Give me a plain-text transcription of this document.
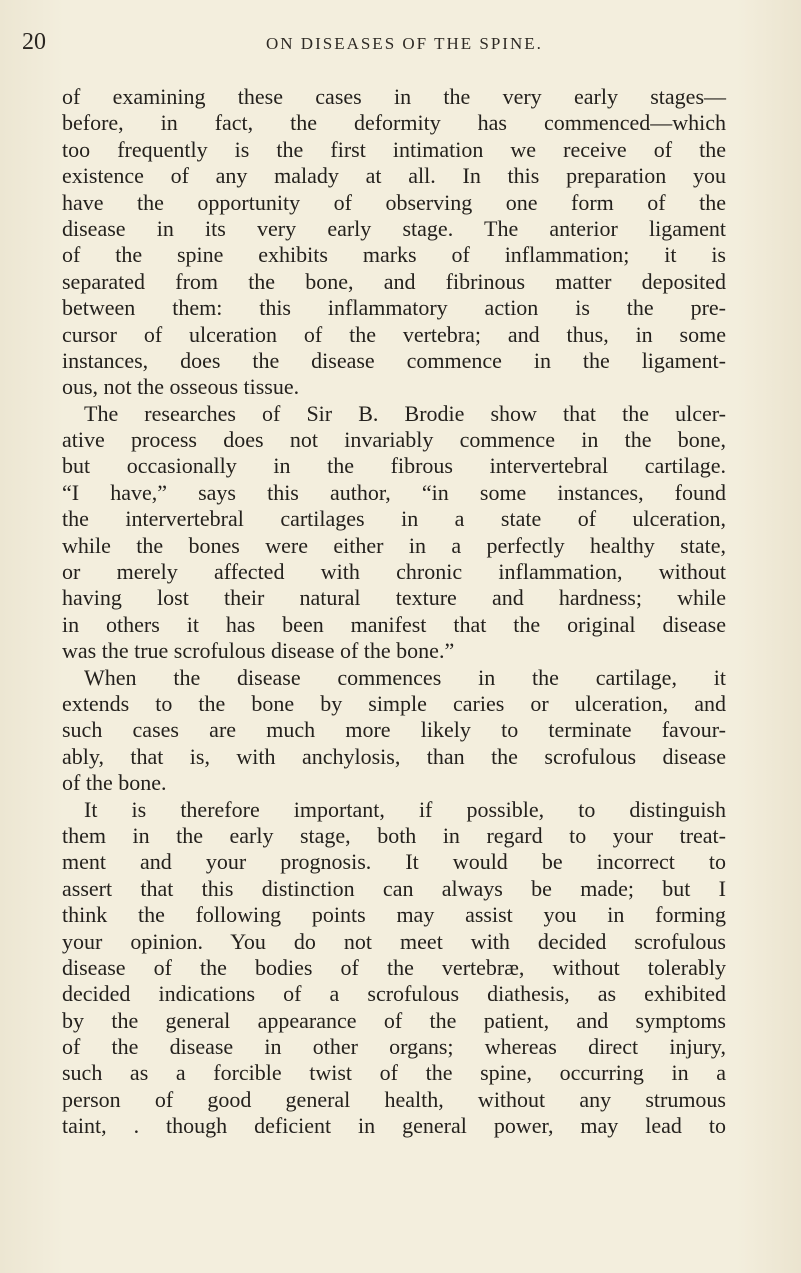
20	ON DISEASES OF THE SPINE.
of examining these cases in the very early stages—
before, in fact, the deformity has commenced—which
too frequently is the first intimation we receive of the
existence of any malady at all. In this preparation you
have the opportunity of observing one form of the
disease in its very early stage. The anterior ligament
of the spine exhibits marks of inflammation; it is
separated from the bone, and fibrinous matter deposited
between them: this inflammatory action is the pre-
cursor of ulceration of the vertebra; and thus, in some
instances, does the disease commence in the ligament-
ous, not the osseous tissue.
The researches of Sir B. Brodie show that the ulcer-
ative process does not invariably commence in the bone,
but occasionally in the fibrous intervertebral cartilage.
“I have,” says this author, “in some instances, found
the intervertebral cartilages in a state of ulceration,
while the bones were either in a perfectly healthy state,
or merely affected with chronic inflammation, without
having lost their natural texture and hardness; while
in others it has been manifest that the original disease
was the true scrofulous disease of the bone.”
When the disease commences in the cartilage, it
extends to the bone by simple caries or ulceration, and
such cases are much more likely to terminate favour-
ably, that is, with anchylosis, than the scrofulous disease
of the bone.
It is therefore important, if possible, to distinguish
them in the early stage, both in regard to your treat-
ment and your prognosis. It would be incorrect to
assert that this distinction can always be made; but I
think the following points may assist you in forming
your opinion. You do not meet with decided scrofulous
disease of the bodies of the vertebræ, without tolerably
decided indications of a scrofulous diathesis, as exhibited
by the general appearance of the patient, and symptoms
of the disease in other organs; whereas direct injury,
such as a forcible twist of the spine, occurring in a
person of good general health, without any strumous
taint, . though deficient in general power, may lead to
